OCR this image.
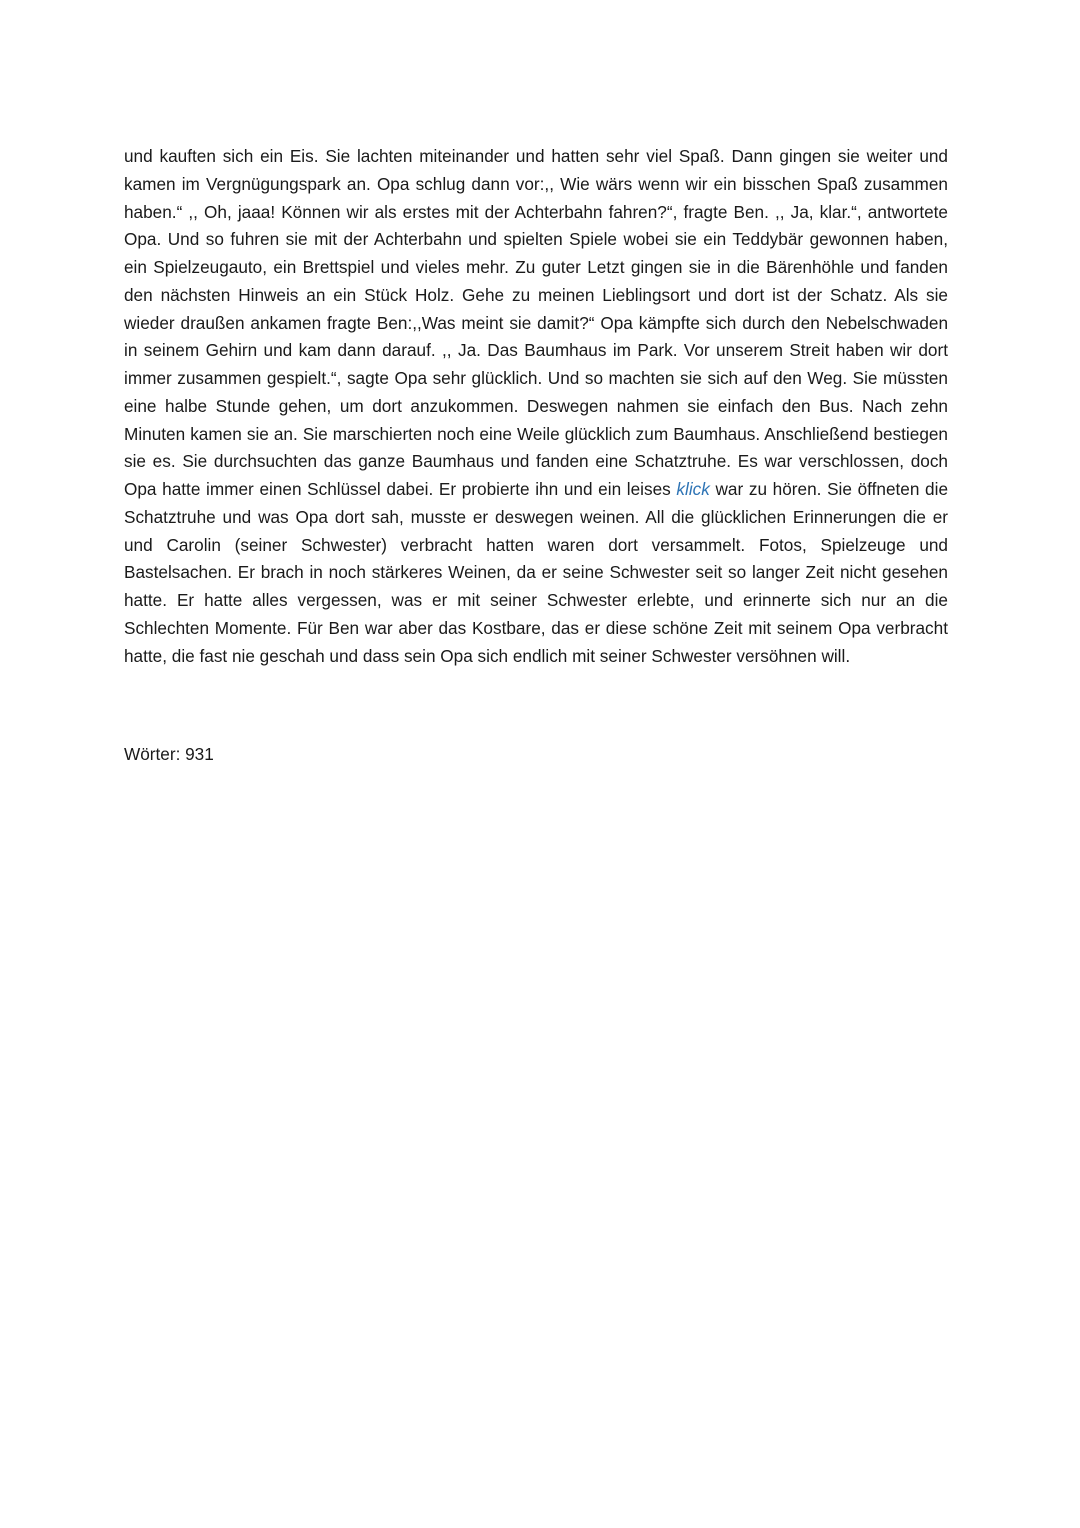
und kauften sich ein Eis. Sie lachten miteinander und hatten sehr viel Spaß. Dann gingen sie weiter und kamen im Vergnügungspark an. Opa schlug dann vor:,, Wie wärs wenn wir ein bisschen Spaß zusammen haben.“ ,, Oh, jaaa! Können wir als erstes mit der Achterbahn fahren?“, fragte Ben. ,, Ja, klar.“, antwortete Opa. Und so fuhren sie mit der Achterbahn und spielten Spiele wobei sie ein Teddybär gewonnen haben, ein Spielzeugauto, ein Brettspiel und vieles mehr. Zu guter Letzt gingen sie in die Bärenhöhle und fanden den nächsten Hinweis an ein Stück Holz. Gehe zu meinen Lieblingsort und dort ist der Schatz. Als sie wieder draußen ankamen fragte Ben:,,Was meint sie damit?“ Opa kämpfte sich durch den Nebelschwaden in seinem Gehirn und kam dann darauf. ,, Ja. Das Baumhaus im Park. Vor unserem Streit haben wir dort immer zusammen gespielt.“, sagte Opa sehr glücklich. Und so machten sie sich auf den Weg. Sie müssten eine halbe Stunde gehen, um dort anzukommen. Deswegen nahmen sie einfach den Bus. Nach zehn Minuten kamen sie an. Sie marschierten noch eine Weile glücklich zum Baumhaus. Anschließend bestiegen sie es. Sie durchsuchten das ganze Baumhaus und fanden eine Schatztruhe. Es war verschlossen, doch Opa hatte immer einen Schlüssel dabei. Er probierte ihn und ein leises klick war zu hören. Sie öffneten die Schatztruhe und was Opa dort sah, musste er deswegen weinen. All die glücklichen Erinnerungen die er und Carolin (seiner Schwester) verbracht hatten waren dort versammelt. Fotos, Spielzeuge und Bastelsachen. Er brach in noch stärkeres Weinen, da er seine Schwester seit so langer Zeit nicht gesehen hatte. Er hatte alles vergessen, was er mit seiner Schwester erlebte, und erinnerte sich nur an die Schlechten Momente. Für Ben war aber das Kostbare, das er diese schöne Zeit mit seinem Opa verbracht hatte, die fast nie geschah und dass sein Opa sich endlich mit seiner Schwester versöhnen will.

Wörter: 931
